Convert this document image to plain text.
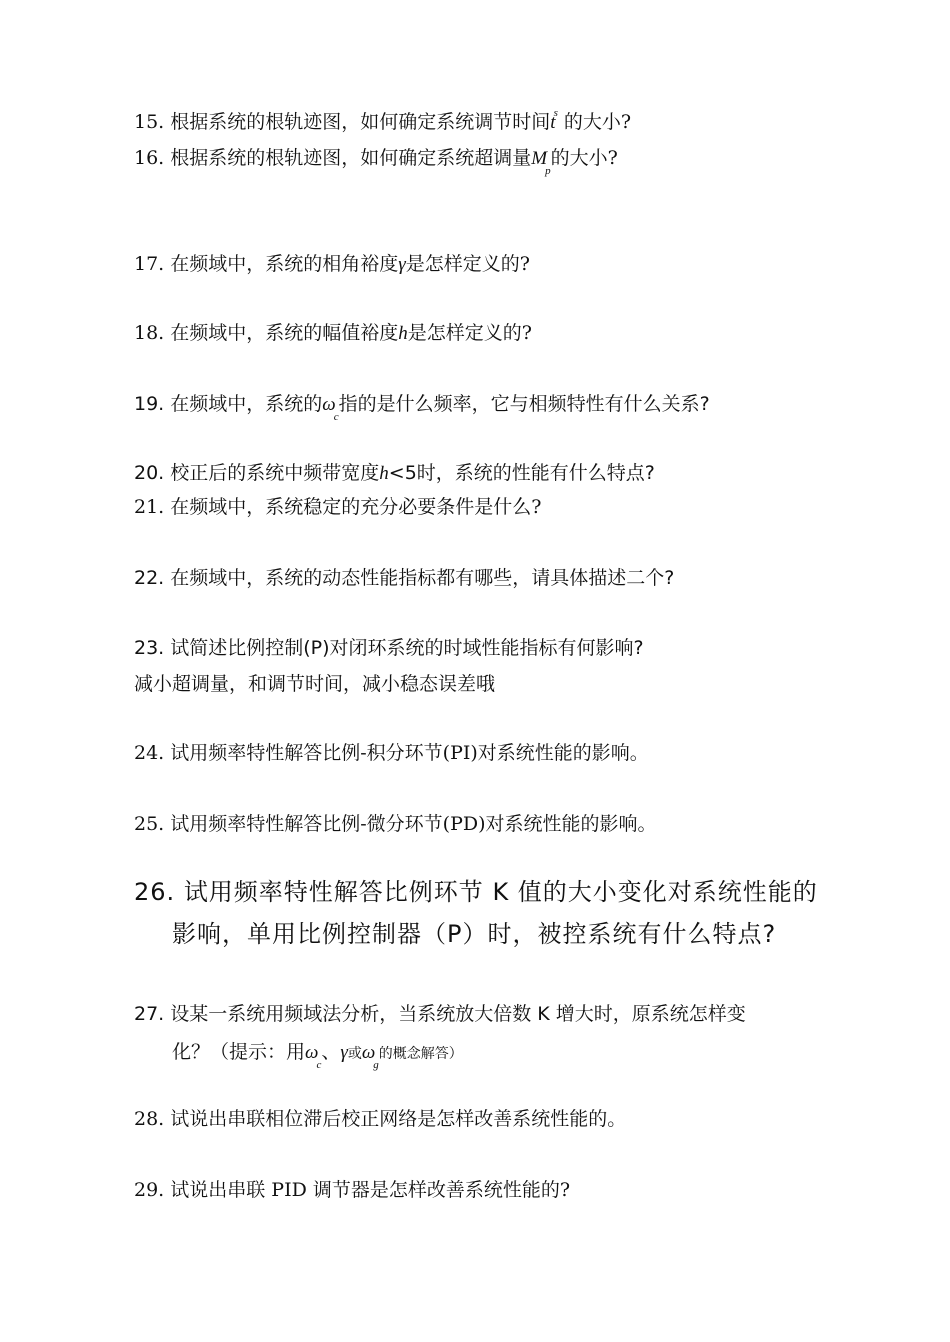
15. 根据系统的根轨迹图，如何确定系统调节时间$t^s$ 的大小?
16. 根据系统的根轨迹图，如何确定系统超调量$M_p$的大小?
17. 在频域中，系统的相角裕度γ是怎样定义的?
18. 在频域中，系统的幅值裕度h是怎样定义的?
19. 在频域中，系统的$\omega_c$指的是什么频率，它与相频特性有什么关系?
20. 校正后的系统中频带宽度h<5时，系统的性能有什么特点?
21. 在频域中，系统稳定的充分必要条件是什么?
22. 在频域中，系统的动态性能指标都有哪些，请具体描述二个?
23. 试简述比例控制(P)对闭环系统的时域性能指标有何影响?
减小超调量，和调节时间，减小稳态误差哦
24. 试用频率特性解答比例-积分环节(PI)对系统性能的影响。
25. 试用频率特性解答比例-微分环节(PD)对系统性能的影响。
26. 试用频率特性解答比例环节 K 值的大小变化对系统性能的
影响，单用比例控制器（P）时，被控系统有什么特点?
27. 设某一系统用频域法分析，当系统放大倍数 K 增大时，原系统怎样变
化？（提示：用$\omega_c$、γ或$\omega_g$的概念解答）
28. 试说出串联相位滞后校正网络是怎样改善系统性能的。
29. 试说出串联 PID 调节器是怎样改善系统性能的?
